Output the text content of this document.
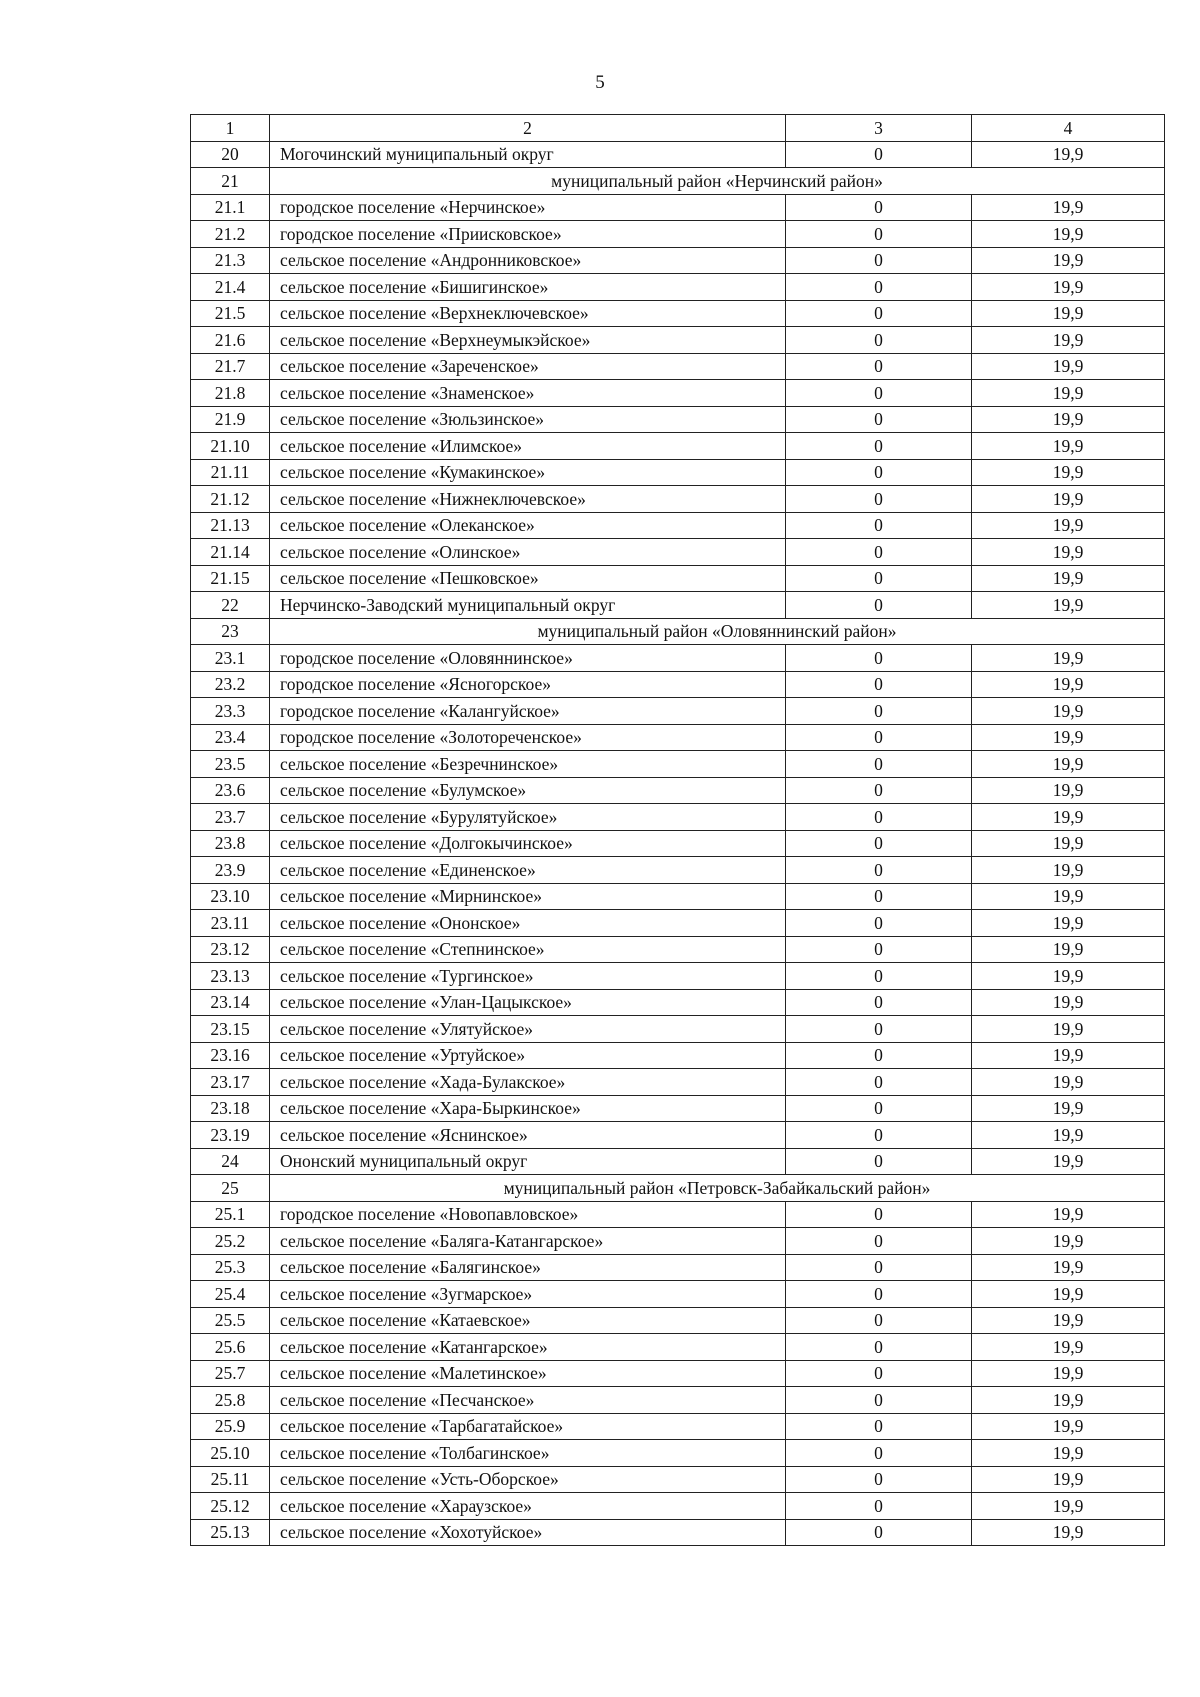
5
1	2	3	4
20	Могочинский муниципальный округ	0	19,9
21	муниципальный район «Нерчинский район»		
21.1	городское поселение «Нерчинское»	0	19,9
21.2	городское поселение «Приисковское»	0	19,9
21.3	сельское поселение «Андронниковское»	0	19,9
21.4	сельское поселение «Бишигинское»	0	19,9
21.5	сельское поселение «Верхнеключевское»	0	19,9
21.6	сельское поселение «Верхнеумыкэйское»	0	19,9
21.7	сельское поселение «Зареченское»	0	19,9
21.8	сельское поселение «Знаменское»	0	19,9
21.9	сельское поселение «Зюльзинское»	0	19,9
21.10	сельское поселение «Илимское»	0	19,9
21.11	сельское поселение «Кумакинское»	0	19,9
21.12	сельское поселение «Нижнеключевское»	0	19,9
21.13	сельское поселение «Олеканское»	0	19,9
21.14	сельское поселение «Олинское»	0	19,9
21.15	сельское поселение «Пешковское»	0	19,9
22	Нерчинско-Заводский муниципальный округ	0	19,9
23	муниципальный район «Оловяннинский район»		
23.1	городское поселение «Оловяннинское»	0	19,9
23.2	городское поселение «Ясногорское»	0	19,9
23.3	городское поселение «Калангуйское»	0	19,9
23.4	городское поселение «Золотореченское»	0	19,9
23.5	сельское поселение «Безречнинское»	0	19,9
23.6	сельское поселение «Булумское»	0	19,9
23.7	сельское поселение «Бурулятуйское»	0	19,9
23.8	сельское поселение «Долгокычинское»	0	19,9
23.9	сельское поселение «Единенское»	0	19,9
23.10	сельское поселение «Мирнинское»	0	19,9
23.11	сельское поселение «Ононское»	0	19,9
23.12	сельское поселение «Степнинское»	0	19,9
23.13	сельское поселение «Тургинское»	0	19,9
23.14	сельское поселение «Улан-Цацыкское»	0	19,9
23.15	сельское поселение «Улятуйское»	0	19,9
23.16	сельское поселение «Уртуйское»	0	19,9
23.17	сельское поселение «Хада-Булакское»	0	19,9
23.18	сельское поселение «Хара-Быркинское»	0	19,9
23.19	сельское поселение «Яснинское»	0	19,9
24	Ононский муниципальный округ	0	19,9
25	муниципальный район «Петровск-Забайкальский район»		
25.1	городское поселение «Новопавловское»	0	19,9
25.2	сельское поселение «Баляга-Катангарское»	0	19,9
25.3	сельское поселение «Балягинское»	0	19,9
25.4	сельское поселение «Зугмарское»	0	19,9
25.5	сельское поселение «Катаевское»	0	19,9
25.6	сельское поселение «Катангарское»	0	19,9
25.7	сельское поселение «Малетинское»	0	19,9
25.8	сельское поселение «Песчанское»	0	19,9
25.9	сельское поселение «Тарбагатайское»	0	19,9
25.10	сельское поселение «Толбагинское»	0	19,9
25.11	сельское поселение «Усть-Оборское»	0	19,9
25.12	сельское поселение «Хараузское»	0	19,9
25.13	сельское поселение «Хохотуйское»	0	19,9
